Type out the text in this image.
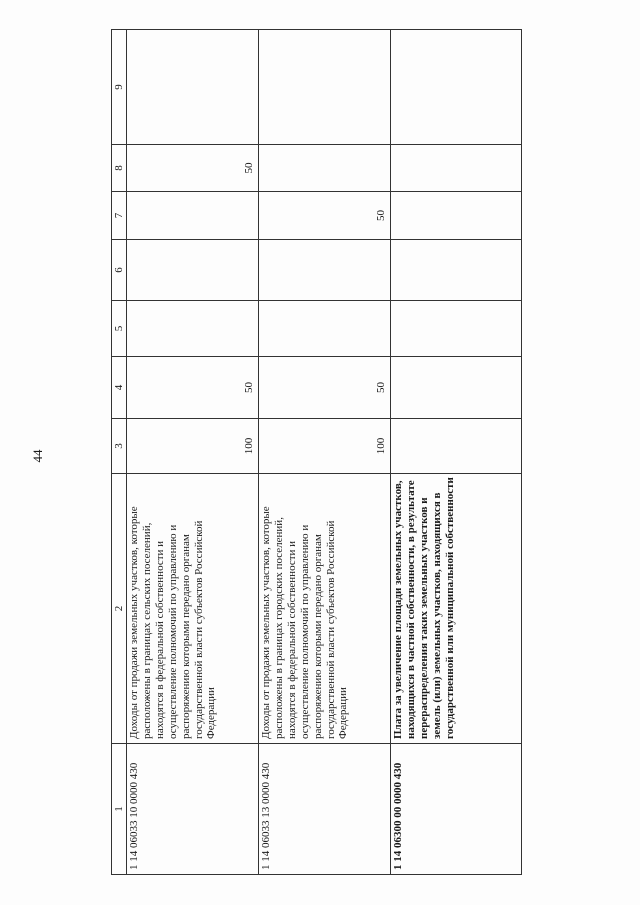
44
1	2	3	4	5	6	7	8	9
1 14 06033 10 0000 430	Доходы от продажи земельных участков, которые расположены в границах сельских поселений, находятся в федеральной собственности и осуществление полномочий по управлению и распоряжению которыми передано органам государственной власти субъектов Российской Федерации	100	50				50	
1 14 06033 13 0000 430	Доходы от продажи земельных участков, которые расположены в границах городских поселений, находятся в федеральной собственности и осуществление полномочий по управлению и распоряжению которыми передано органам государственной власти субъектов Российской Федерации	100	50			50		
1 14 06300 00 0000 430	Плата за увеличение площади земельных участков, находящихся в частной собственности, в результате перераспределения таких земельных участков и земель (или) земельных участков, находящихся в государственной или муниципальной собственности							
